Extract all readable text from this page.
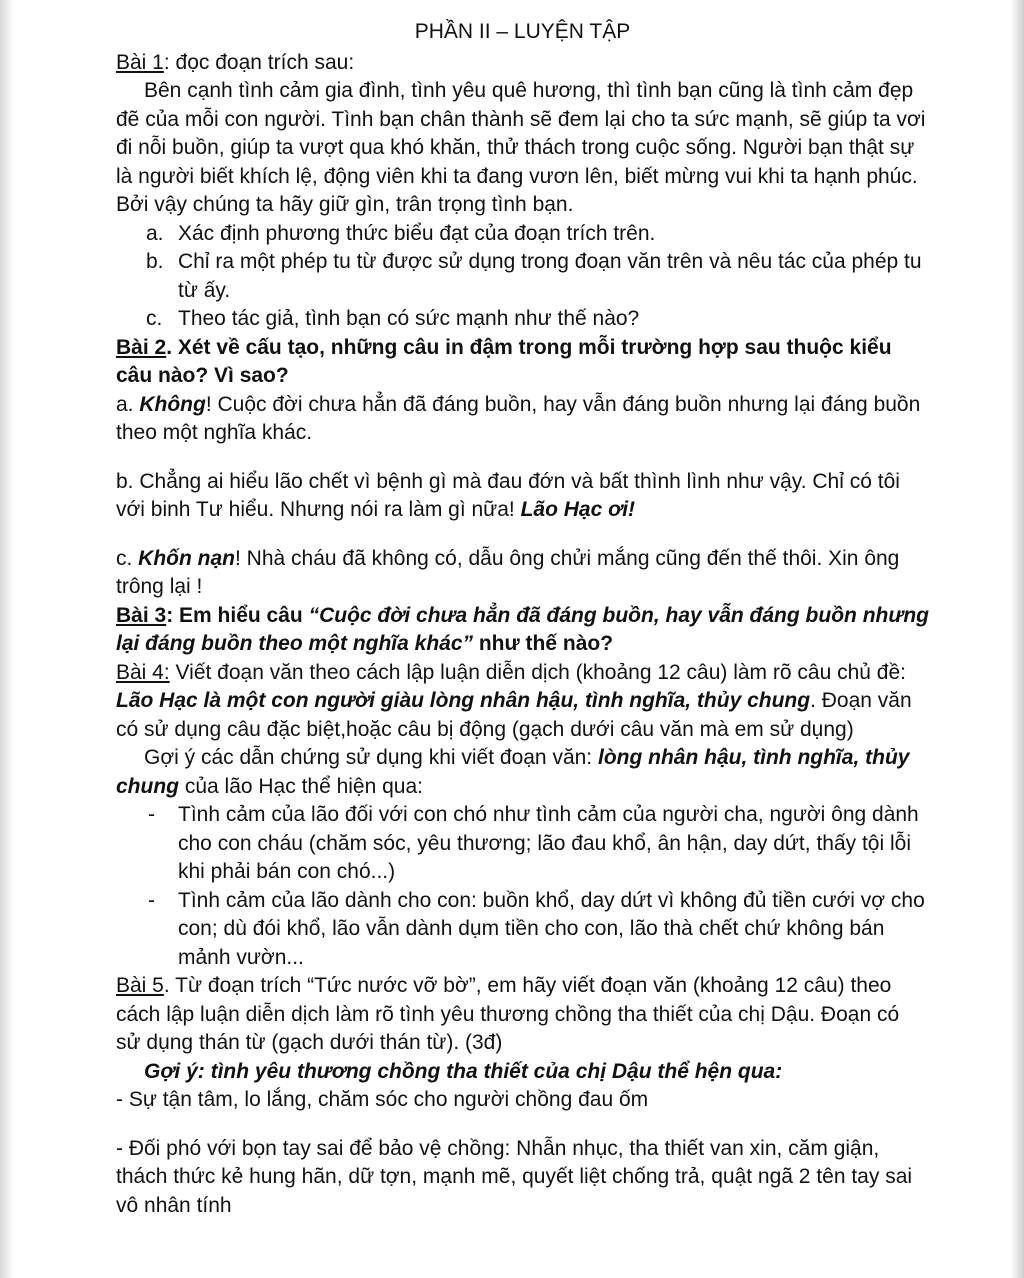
PHẦN II – LUYỆN TẬP

Bài 1: đọc đoạn trích sau:

Bên cạnh tình cảm gia đình, tình yêu quê hương, thì tình bạn cũng là tình cảm đẹp đẽ của mỗi con người. Tình bạn chân thành sẽ đem lại cho ta sức mạnh, sẽ giúp ta vơi đi nỗi buồn, giúp ta vượt qua khó khăn, thử thách trong cuộc sống. Người bạn thật sự là người biết khích lệ, động viên khi ta đang vươn lên, biết mừng vui khi ta hạnh phúc. Bởi vậy chúng ta hãy giữ gìn, trân trọng tình bạn.

a. Xác định phương thức biểu đạt của đoạn trích trên.
b. Chỉ ra một phép tu từ được sử dụng trong đoạn văn trên và nêu tác của phép tu từ ấy.
c. Theo tác giả, tình bạn có sức mạnh như thế nào?

Bài 2. Xét về cấu tạo, những câu in đậm trong mỗi trường hợp sau thuộc kiểu câu nào? Vì sao?

a. Không! Cuộc đời chưa hẳn đã đáng buồn, hay vẫn đáng buồn nhưng lại đáng buồn theo một nghĩa khác.

b. Chẳng ai hiểu lão chết vì bệnh gì mà đau đớn và bất thình lình như vậy. Chỉ có tôi với binh Tư hiểu. Nhưng nói ra làm gì nữa! Lão Hạc ơi!

c. Khốn nạn! Nhà cháu đã không có, dẫu ông chửi mắng cũng đến thế thôi. Xin ông trông lại !

Bài 3: Em hiểu câu “Cuộc đời chưa hẳn đã đáng buồn, hay vẫn đáng buồn nhưng lại đáng buồn theo một nghĩa khác” như thế nào?

Bài 4: Viết đoạn văn theo cách lập luận diễn dịch (khoảng 12 câu) làm rõ câu chủ đề: Lão Hạc là một con người giàu lòng nhân hậu, tình nghĩa, thủy chung. Đoạn văn có sử dụng câu đặc biệt,hoặc câu bị động (gạch dưới câu văn mà em sử dụng)

Gợi ý các dẫn chứng sử dụng khi viết đoạn văn: lòng nhân hậu, tình nghĩa, thủy chung của lão Hạc thể hiện qua:

- Tình cảm của lão đối với con chó như tình cảm của người cha, người ông dành cho con cháu (chăm sóc, yêu thương; lão đau khổ, ân hận, day dứt, thấy tội lỗi khi phải bán con chó...)
- Tình cảm của lão dành cho con: buồn khổ, day dứt vì không đủ tiền cưới vợ cho con; dù đói khổ, lão vẫn dành dụm tiền cho con, lão thà chết chứ không bán mảnh vườn...

Bài 5. Từ đoạn trích “Tức nước vỡ bờ”, em hãy viết đoạn văn (khoảng 12 câu) theo cách lập luận diễn dịch làm rõ tình yêu thương chồng tha thiết của chị Dậu. Đoạn có sử dụng thán từ (gạch dưới thán từ). (3đ)

Gợi ý: tình yêu thương chồng tha thiết của chị Dậu thể hện qua:

- Sự tận tâm, lo lắng, chăm sóc cho người chồng đau ốm

- Đối phó với bọn tay sai để bảo vệ chồng: Nhẫn nhục, tha thiết van xin, căm giận, thách thức kẻ hung hãn, dữ tợn, mạnh mẽ, quyết liệt chống trả, quật ngã 2 tên tay sai vô nhân tính
